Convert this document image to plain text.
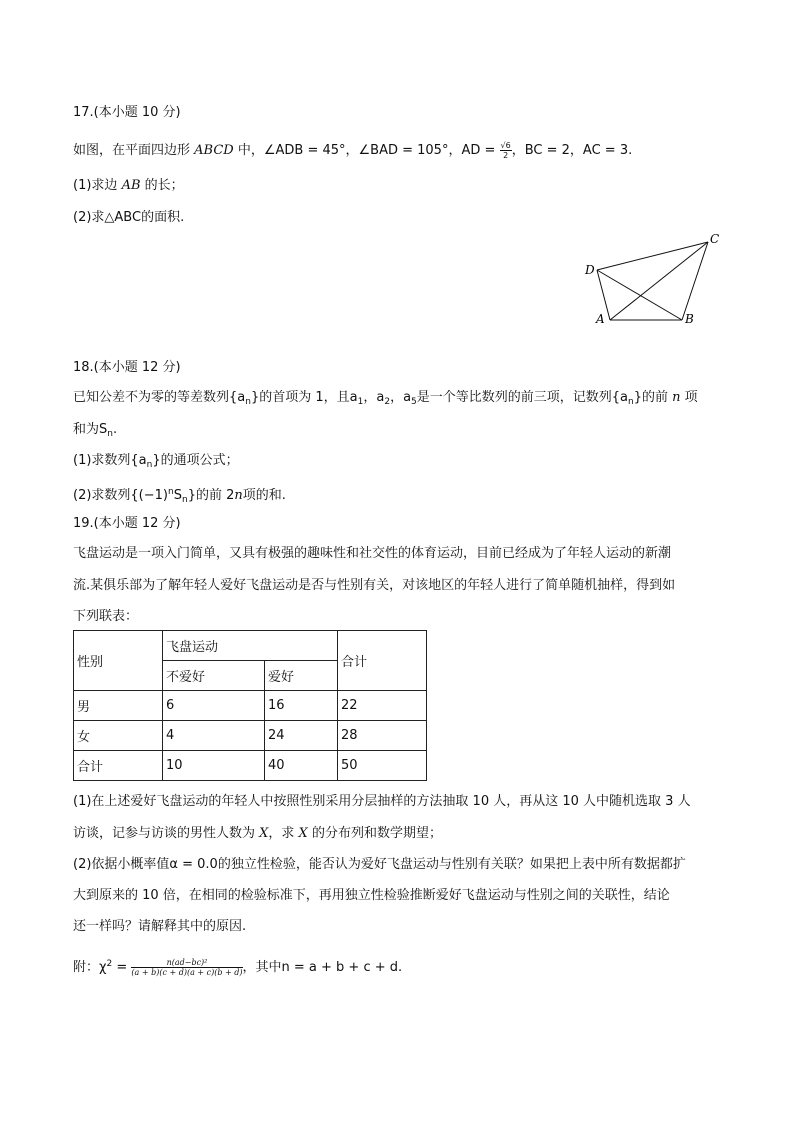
17.(本小题 10 分)
如图，在平面四边形 ABCD 中，∠ADB = 45°，∠BAD = 105°，AD = $\frac{√6}{2}$ ，BC = 2，AC = 3.
(1)求边 AB 的长；
(2)求△ABC的面积.
D
A	B
C
18.(本小题 12 分)
已知公差不为零的等差数列$\{a_n\}$的首项为 1，且$a_1$，$a_2$，$a_5$是一个等比数列的前三项，记数列$\{a_n\}$的前 n 项
和为$S_n$.
(1)求数列$\{a_n\}$的通项公式；
(2)求数列$\{(-1)^nS_n\}$的前 2n项的和.
19.(本小题 12 分)
飞盘运动是一项入门简单，又具有极强的趣味性和社交性的体育运动，目前已经成为了年轻人运动的新潮
流.某俱乐部为了解年轻人爱好飞盘运动是否与性别有关，对该地区的年轻人进行了简单随机抽样，得到如
下列联表：
性别	飞盘运动		合计
	不爱好	爱好	
男	6	16	22
女	4	24	28
合计	10	40	50
(1)在上述爱好飞盘运动的年轻人中按照性别采用分层抽样的方法抽取 10 人，再从这 10 人中随机选取 3 人
访谈，记参与访谈的男性人数为 X，求 X 的分布列和数学期望；
(2)依据小概率值α = 0.0的独立性检验，能否认为爱好飞盘运动与性别有关联？如果把上表中所有数据都扩
大到原来的 10 倍，在相同的检验标准下，再用独立性检验推断爱好飞盘运动与性别之间的关联性，结论
还一样吗？请解释其中的原因.
附：$\chi^2 = \frac{\text{n(ad−bc)²}}{(a + b)(c + d)(a + c)(b + d)}$ ，其中n = a + b + c + d.
